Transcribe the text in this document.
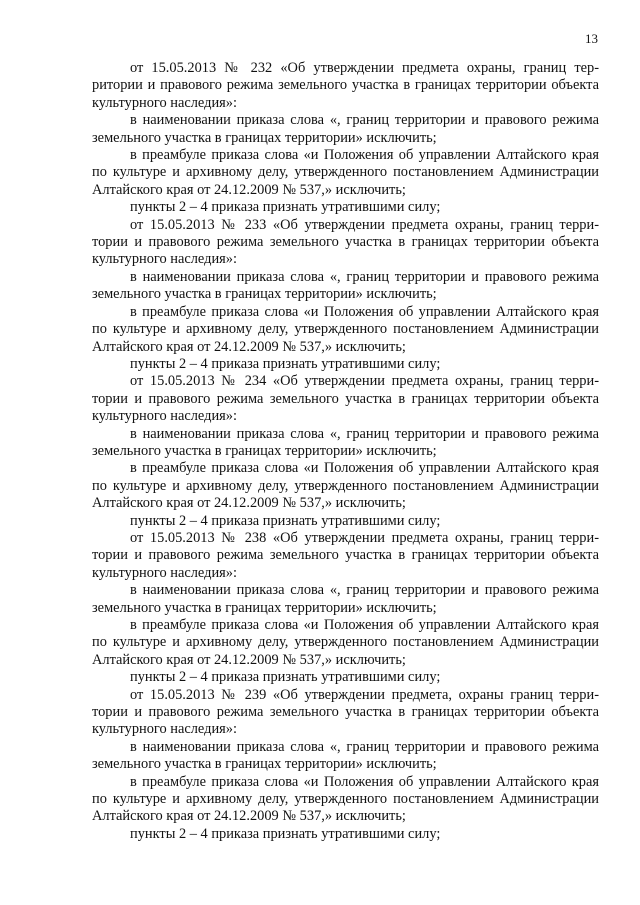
13

от 15.05.2013 № 232 «Об утверждении предмета охраны, границ территории и правового режима земельного участка в границах территории объекта культурного наследия»:

в наименовании приказа слова «, границ территории и правового режима земельного участка в границах территории» исключить;

в преамбуле приказа слова «и Положения об управлении Алтайского края по культуре и архивному делу, утвержденного постановлением Администрации Алтайского края от 24.12.2009 № 537,» исключить;

пункты 2 – 4 приказа признать утратившими силу;

от 15.05.2013 № 233 «Об утверждении предмета охраны, границ территории и правового режима земельного участка в границах территории объекта культурного наследия»:

в наименовании приказа слова «, границ территории и правового режима земельного участка в границах территории» исключить;

в преамбуле приказа слова «и Положения об управлении Алтайского края по культуре и архивному делу, утвержденного постановлением Администрации Алтайского края от 24.12.2009 № 537,» исключить;

пункты 2 – 4 приказа признать утратившими силу;

от 15.05.2013 № 234 «Об утверждении предмета охраны, границ территории и правового режима земельного участка в границах территории объекта культурного наследия»:

в наименовании приказа слова «, границ территории и правового режима земельного участка в границах территории» исключить;

в преамбуле приказа слова «и Положения об управлении Алтайского края по культуре и архивному делу, утвержденного постановлением Администрации Алтайского края от 24.12.2009 № 537,» исключить;

пункты 2 – 4 приказа признать утратившими силу;

от 15.05.2013 № 238 «Об утверждении предмета охраны, границ территории и правового режима земельного участка в границах территории объекта культурного наследия»:

в наименовании приказа слова «, границ территории и правового режима земельного участка в границах территории» исключить;

в преамбуле приказа слова «и Положения об управлении Алтайского края по культуре и архивному делу, утвержденного постановлением Администрации Алтайского края от 24.12.2009 № 537,» исключить;

пункты 2 – 4 приказа признать утратившими силу;

от 15.05.2013 № 239 «Об утверждении предмета, охраны границ территории и правового режима земельного участка в границах территории объекта культурного наследия»:

в наименовании приказа слова «, границ территории и правового режима земельного участка в границах территории» исключить;

в преамбуле приказа слова «и Положения об управлении Алтайского края по культуре и архивному делу, утвержденного постановлением Администрации Алтайского края от 24.12.2009 № 537,» исключить;

пункты 2 – 4 приказа признать утратившими силу;
